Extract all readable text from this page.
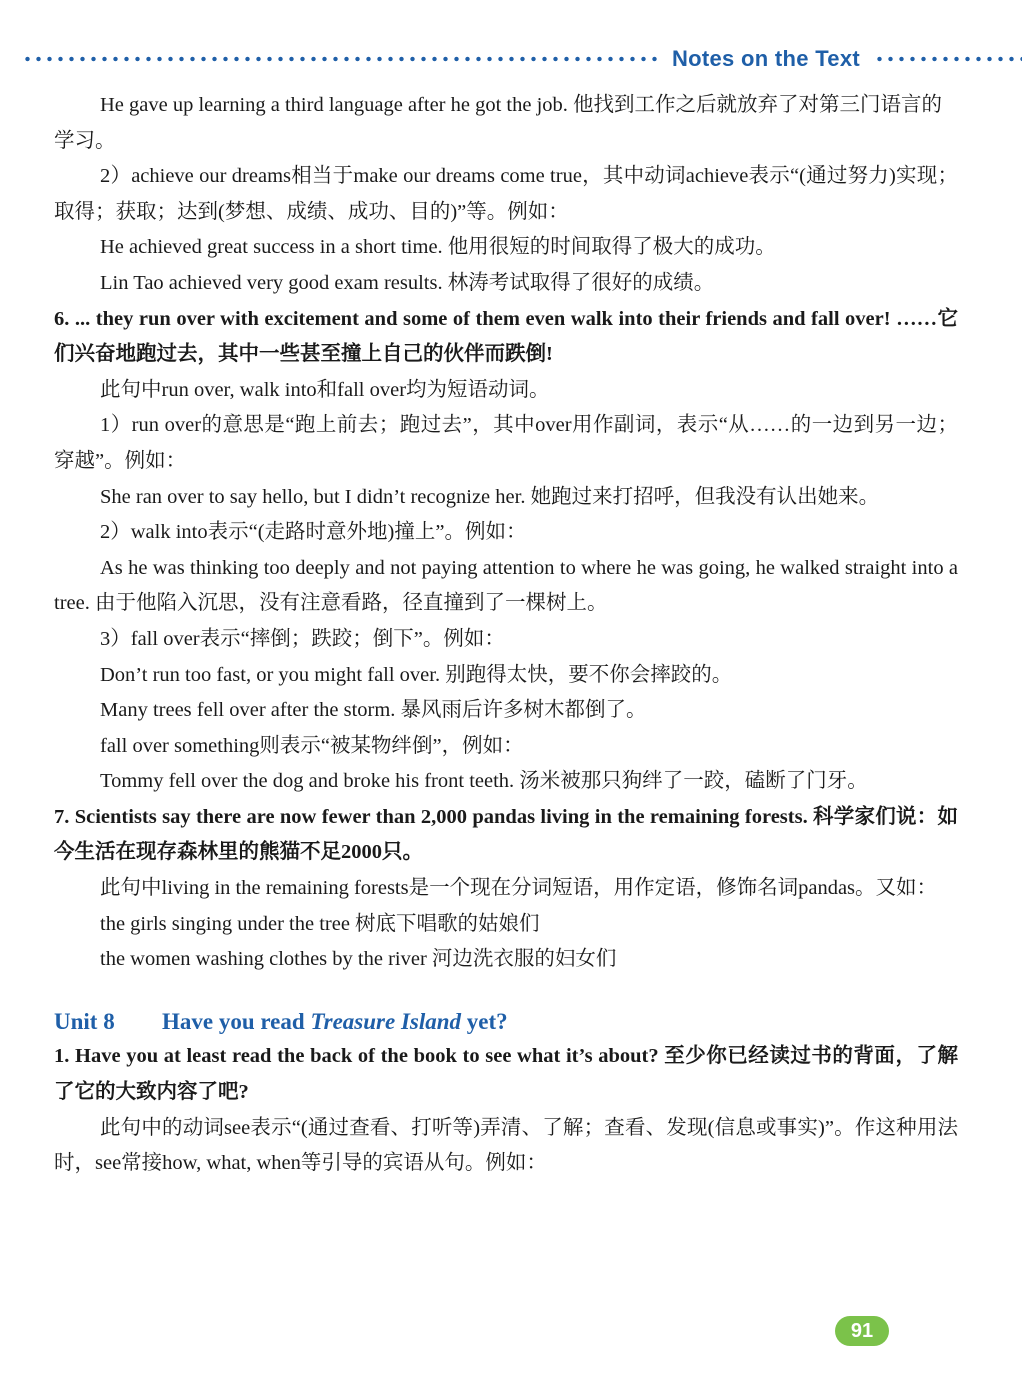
Notes on the Text

He gave up learning a third language after he got the job. 他找到工作之后就放弃了对第三门语言的学习。

2）achieve our dreams相当于make our dreams come true，其中动词achieve表示“(通过努力)实现；取得；获取；达到(梦想、成绩、成功、目的)”等。例如：

He achieved great success in a short time. 他用很短的时间取得了极大的成功。

Lin Tao achieved very good exam results. 林涛考试取得了很好的成绩。

6. ... they run over with excitement and some of them even walk into their friends and fall over! ……它们兴奋地跑过去，其中一些甚至撞上自己的伙伴而跌倒!

此句中run over, walk into和fall over均为短语动词。

1）run over的意思是“跑上前去；跑过去”，其中over用作副词，表示“从……的一边到另一边；穿越”。例如：

She ran over to say hello, but I didn’t recognize her. 她跑过来打招呼，但我没有认出她来。

2）walk into表示“(走路时意外地)撞上”。例如：

As he was thinking too deeply and not paying attention to where he was going, he walked straight into a tree. 由于他陷入沉思，没有注意看路，径直撞到了一棵树上。

3）fall over表示“摔倒；跌跤；倒下”。例如：

Don’t run too fast, or you might fall over. 别跑得太快，要不你会摔跤的。

Many trees fell over after the storm. 暴风雨后许多树木都倒了。

fall over something则表示“被某物绊倒”，例如：

Tommy fell over the dog and broke his front teeth. 汤米被那只狗绊了一跤，磕断了门牙。

7. Scientists say there are now fewer than 2,000 pandas living in the remaining forests. 科学家们说：如今生活在现存森林里的熊猫不足2000只。

此句中living in the remaining forests是一个现在分词短语，用作定语，修饰名词pandas。又如：

the girls singing under the tree 树底下唱歌的姑娘们

the women washing clothes by the river 河边洗衣服的妇女们

Unit 8 Have you read Treasure Island yet?

1. Have you at least read the back of the book to see what it’s about? 至少你已经读过书的背面，了解了它的大致内容了吧?

此句中的动词see表示“(通过查看、打听等)弄清、了解；查看、发现(信息或事实)”。作这种用法时，see常接how, what, when等引导的宾语从句。例如：

91
